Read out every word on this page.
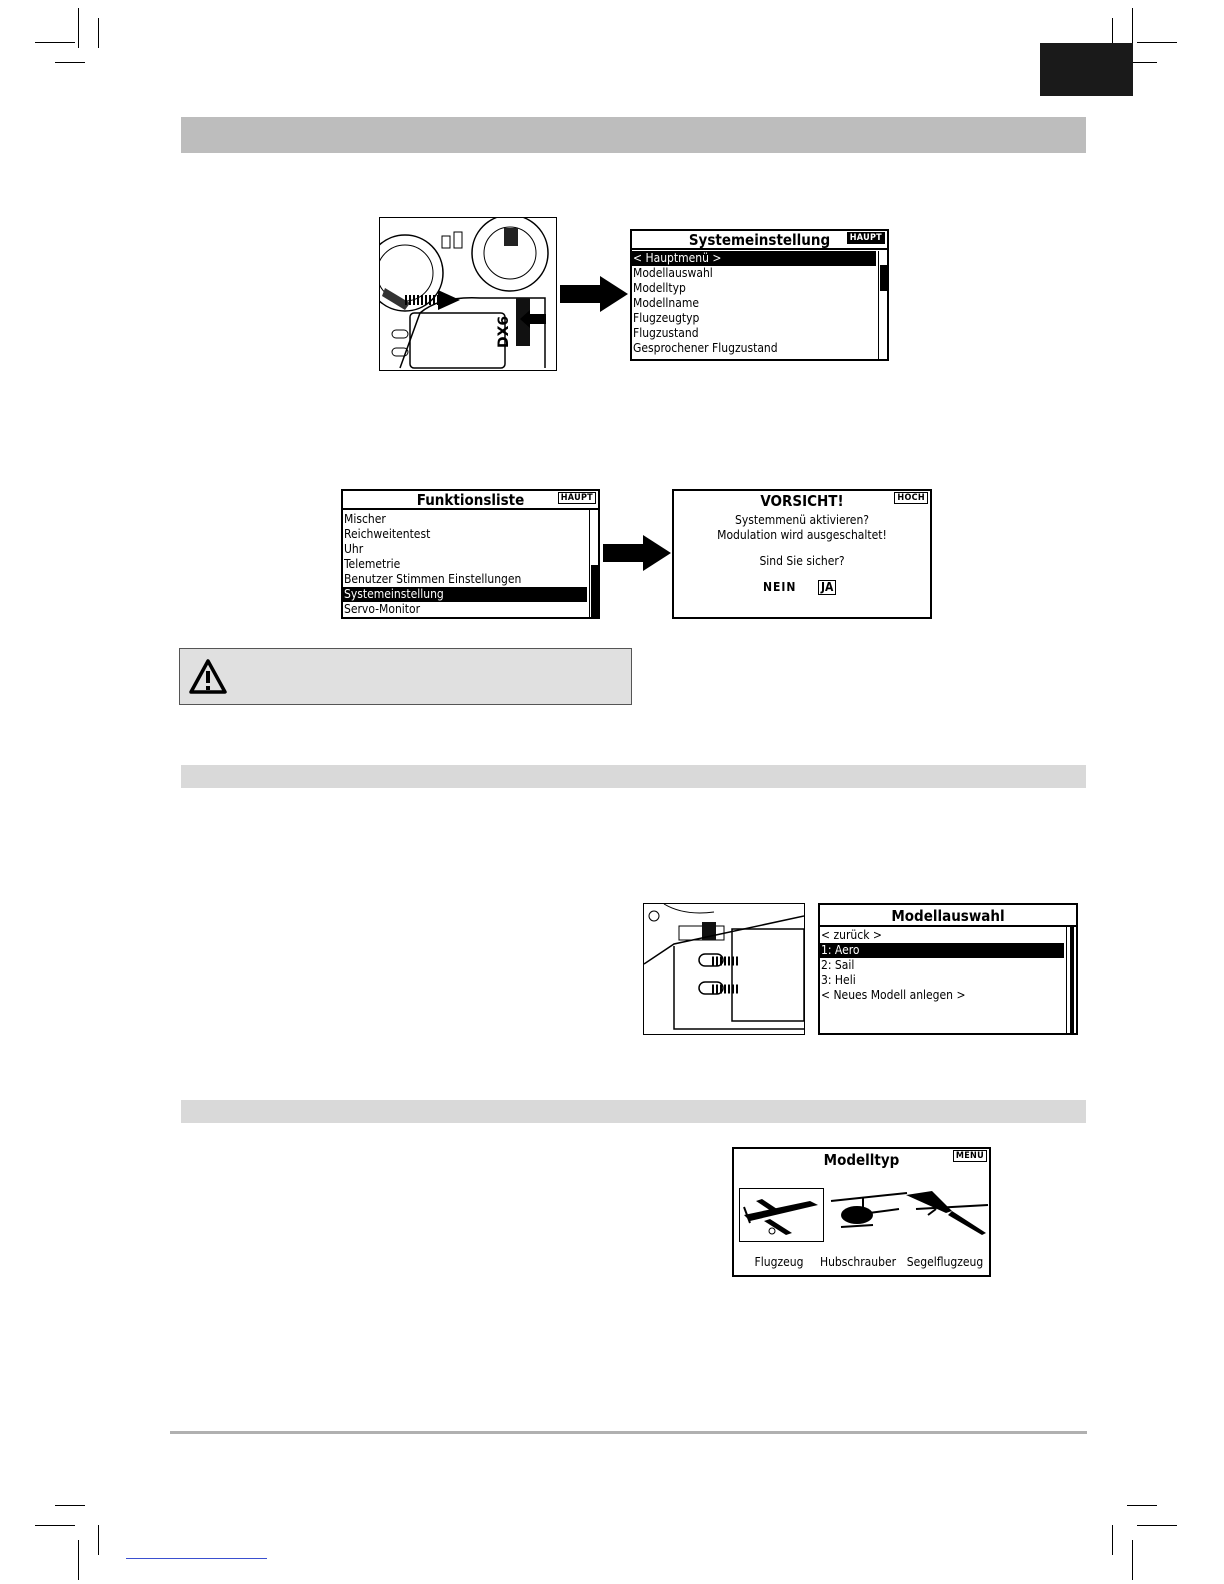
DX6
Systemeinstellung	HAUPT
< Hauptmenü >
Modellauswahl
Modelltyp
Modellname
Flugzeugtyp
Flugzustand
Gesprochener Flugzustand
Funktionsliste	HAUPT
Mischer
Reichweitentest
Uhr
Telemetrie
Benutzer Stimmen Einstellungen
Systemeinstellung
Servo-Monitor
VORSICHT!	HOCH
Systemmenü aktivieren?
Modulation wird ausgeschaltet!
Sind Sie sicher?
NEIN JA
Modellauswahl
< zurück >
1: Aero
2: Sail
3: Heli
< Neues Modell anlegen >
Modelltyp	MENU
Flugzeug	Hubschrauber Segelflugzeug
